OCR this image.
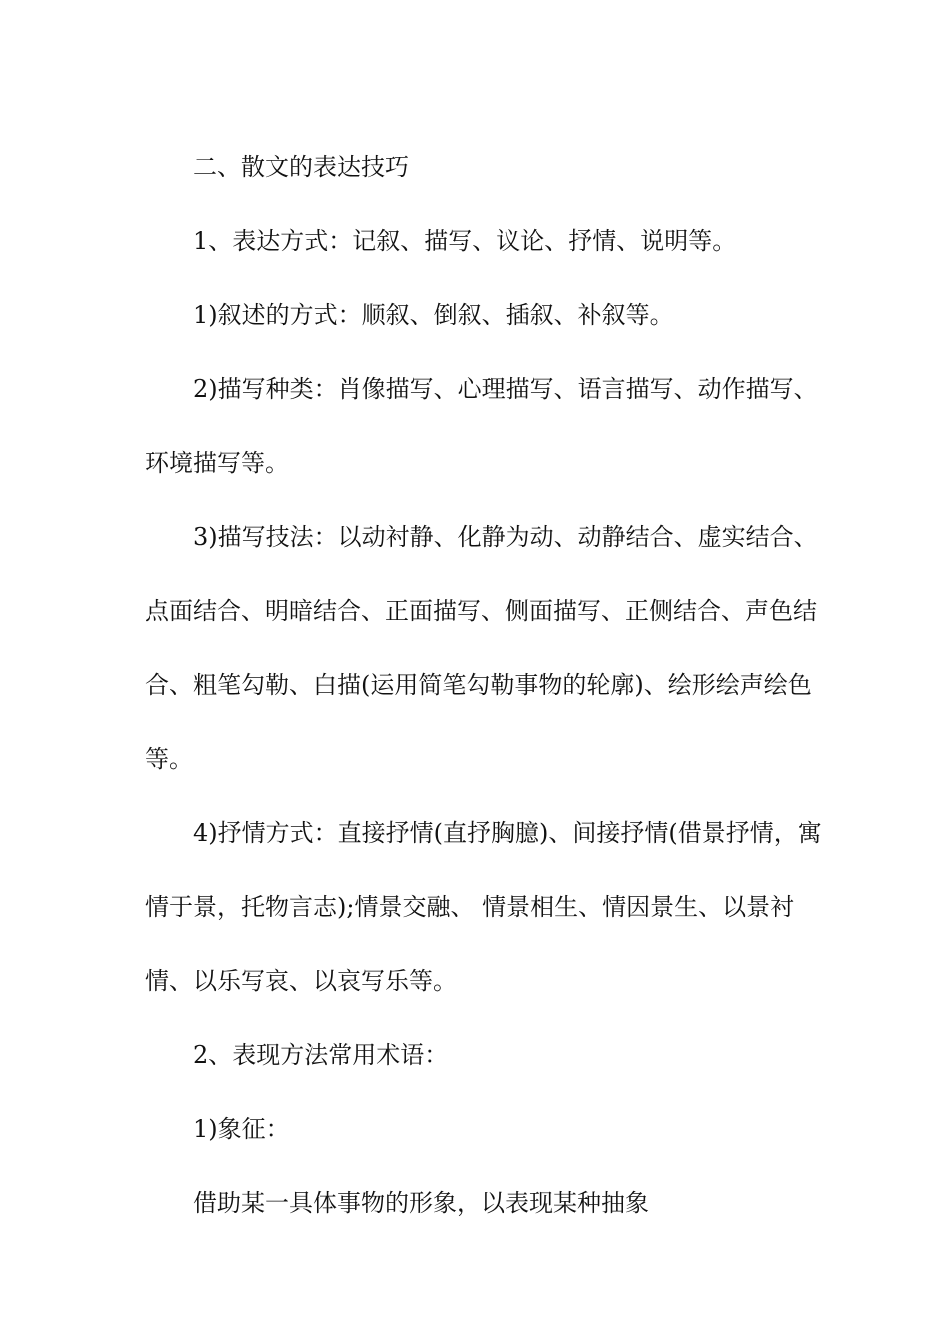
二、散文的表达技巧

1、表达方式：记叙、描写、议论、抒情、说明等。

1)叙述的方式：顺叙、倒叙、插叙、补叙等。

2)描写种类：肖像描写、心理描写、语言描写、动作描写、环境描写等。

3)描写技法：以动衬静、化静为动、动静结合、虚实结合、点面结合、明暗结合、正面描写、侧面描写、正侧结合、声色结合、粗笔勾勒、白描(运用简笔勾勒事物的轮廓)、绘形绘声绘色等。

4)抒情方式：直接抒情(直抒胸臆)、间接抒情(借景抒情，寓情于景，托物言志);情景交融、 情景相生、情因景生、以景衬情、以乐写哀、以哀写乐等。

2、表现方法常用术语：

1)象征：

借助某一具体事物的形象，以表现某种抽象
